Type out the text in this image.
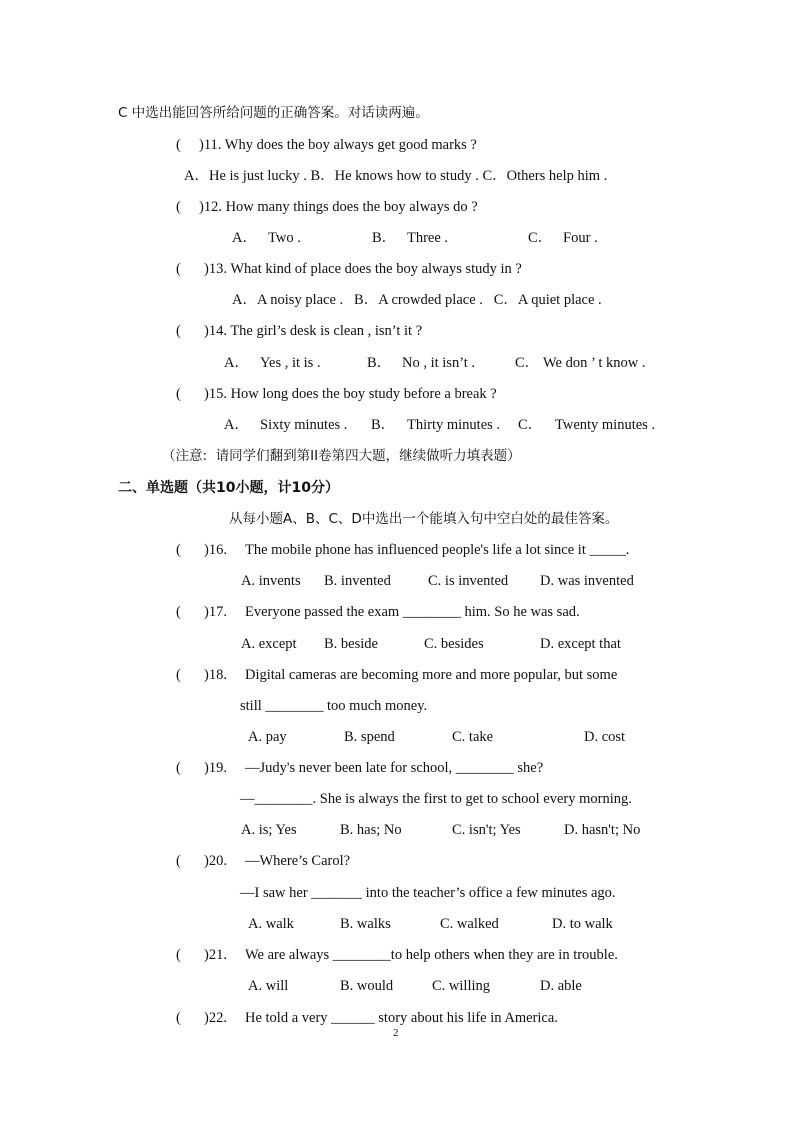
C 中选出能回答所给问题的正确答案。对话读两遍。
( )11. Why does the boy always get good marks ?
A．He is just lucky . B．He knows how to study . C．Others help him .
( )12. How many things does the boy always do ?
A． Two .	B． Three .	C． Four .
( )13. What kind of place does the boy always study in ?
A．A noisy place .   B．A crowded place .   C．A quiet place .
( )14. The girl’s desk is clean , isn’t it ?
A． Yes , it is .	B． No , it isn’t .	C． We don ’ t know .
( )15. How long does the boy study before a break ?
A． Sixty minutes . B． Thirty minutes . C． Twenty minutes .
（注意:  请同学们翻到第II卷第四大题，继续做听力填表题）
二、单选题（共10小题，计10分）
从每小题A、B、C、D中选出一个能填入句中空白处的最佳答案。
( )16. The mobile phone has influenced people's life a lot since it _____.
A. invents B. invented	C. is invented D. was invented
( )17. Everyone passed the exam ________ him. So he was sad.
A. except B. beside	C. besides	D. except that
( )18. Digital cameras are becoming more and more popular, but some
still ________ too much money.
A. pay	B. spend	C. take	D. cost
( )19. —Judy's never been late for school, ________ she?
—________. She is always the first to get to school every morning.
A. is; Yes	B. has; No	C. isn't; Yes	D. hasn't; No
( )20. —Where’s Carol?
—I saw her _______ into the teacher’s office a few minutes ago.
A. walk	B. walks	C. walked	D. to walk
( )21. We are always ________to help others when they are in trouble.
A. will	B. would	C. willing	D. able
( )22. He told a very ______ story about his life in America.
2
